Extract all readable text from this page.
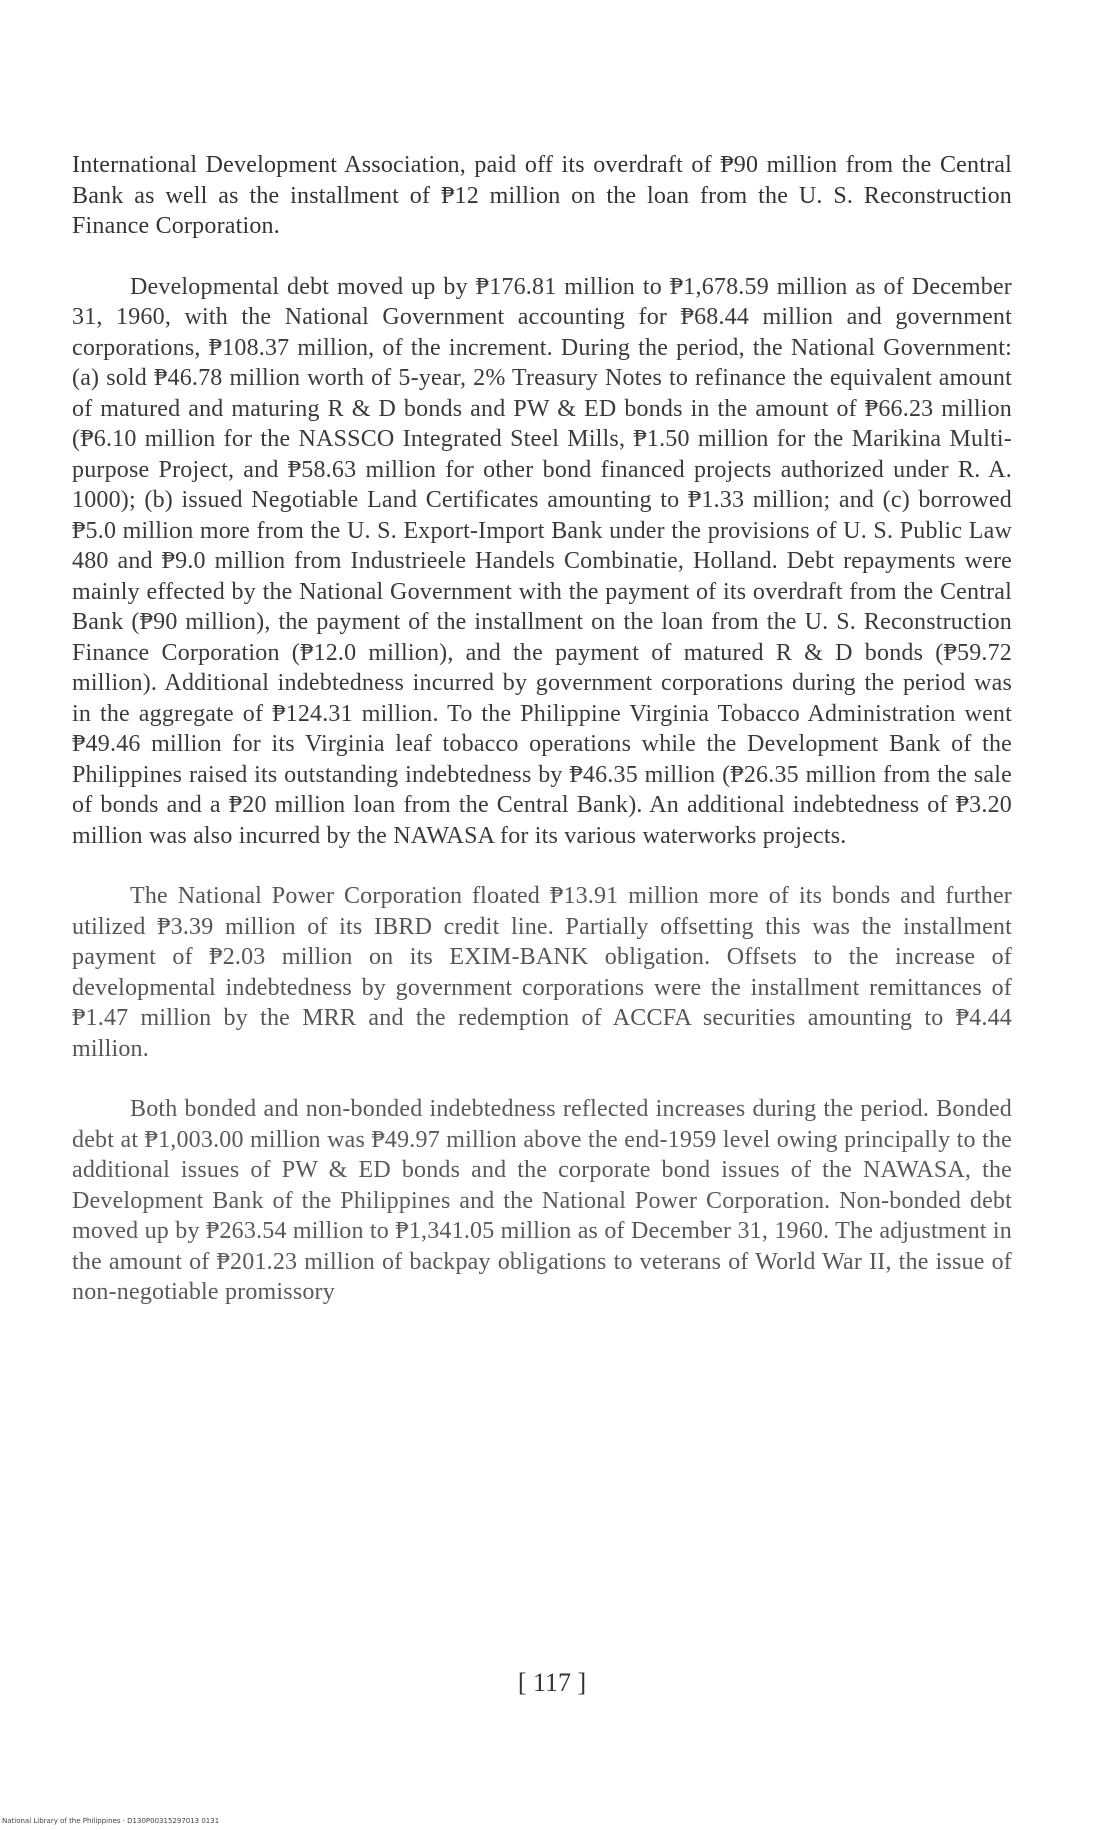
International Development Association, paid off its overdraft of ₱90 million from the Central Bank as well as the installment of ₱12 million on the loan from the U. S. Reconstruction Finance Corporation.

Developmental debt moved up by ₱176.81 million to ₱1,678.59 million as of December 31, 1960, with the National Government accounting for ₱68.44 million and government corporations, ₱108.37 million, of the increment. During the period, the National Government: (a) sold ₱46.78 million worth of 5-year, 2% Treasury Notes to refinance the equivalent amount of matured and maturing R & D bonds and PW & ED bonds in the amount of ₱66.23 million (₱6.10 million for the NASSCO Integrated Steel Mills, ₱1.50 million for the Marikina Multi-purpose Project, and ₱58.63 million for other bond financed projects authorized under R. A. 1000); (b) issued Negotiable Land Certificates amounting to ₱1.33 million; and (c) borrowed ₱5.0 million more from the U. S. Export-Import Bank under the provisions of U. S. Public Law 480 and ₱9.0 million from Industrieele Handels Combinatie, Holland. Debt repayments were mainly effected by the National Government with the payment of its overdraft from the Central Bank (₱90 million), the payment of the installment on the loan from the U. S. Reconstruction Finance Corporation (₱12.0 million), and the payment of matured R & D bonds (₱59.72 million). Additional indebtedness incurred by government corporations during the period was in the aggregate of ₱124.31 million. To the Philippine Virginia Tobacco Administration went ₱49.46 million for its Virginia leaf tobacco operations while the Development Bank of the Philippines raised its outstanding indebtedness by ₱46.35 million (₱26.35 million from the sale of bonds and a ₱20 million loan from the Central Bank). An additional indebtedness of ₱3.20 million was also incurred by the NAWASA for its various waterworks projects.

The National Power Corporation floated ₱13.91 million more of its bonds and further utilized ₱3.39 million of its IBRD credit line. Partially offsetting this was the installment payment of ₱2.03 million on its EXIM-BANK obligation. Offsets to the increase of developmental indebtedness by government corporations were the installment remittances of ₱1.47 million by the MRR and the redemption of ACCFA securities amounting to ₱4.44 million.

Both bonded and non-bonded indebtedness reflected increases during the period. Bonded debt at ₱1,003.00 million was ₱49.97 million above the end-1959 level owing principally to the additional issues of PW & ED bonds and the corporate bond issues of the NAWASA, the Development Bank of the Philippines and the National Power Corporation. Non-bonded debt moved up by ₱263.54 million to ₱1,341.05 million as of December 31, 1960. The adjustment in the amount of ₱201.23 million of backpay obligations to veterans of World War II, the issue of non-negotiable promissory

[ 117 ]
National Library of the Philippines · D130P00315297013 0131
